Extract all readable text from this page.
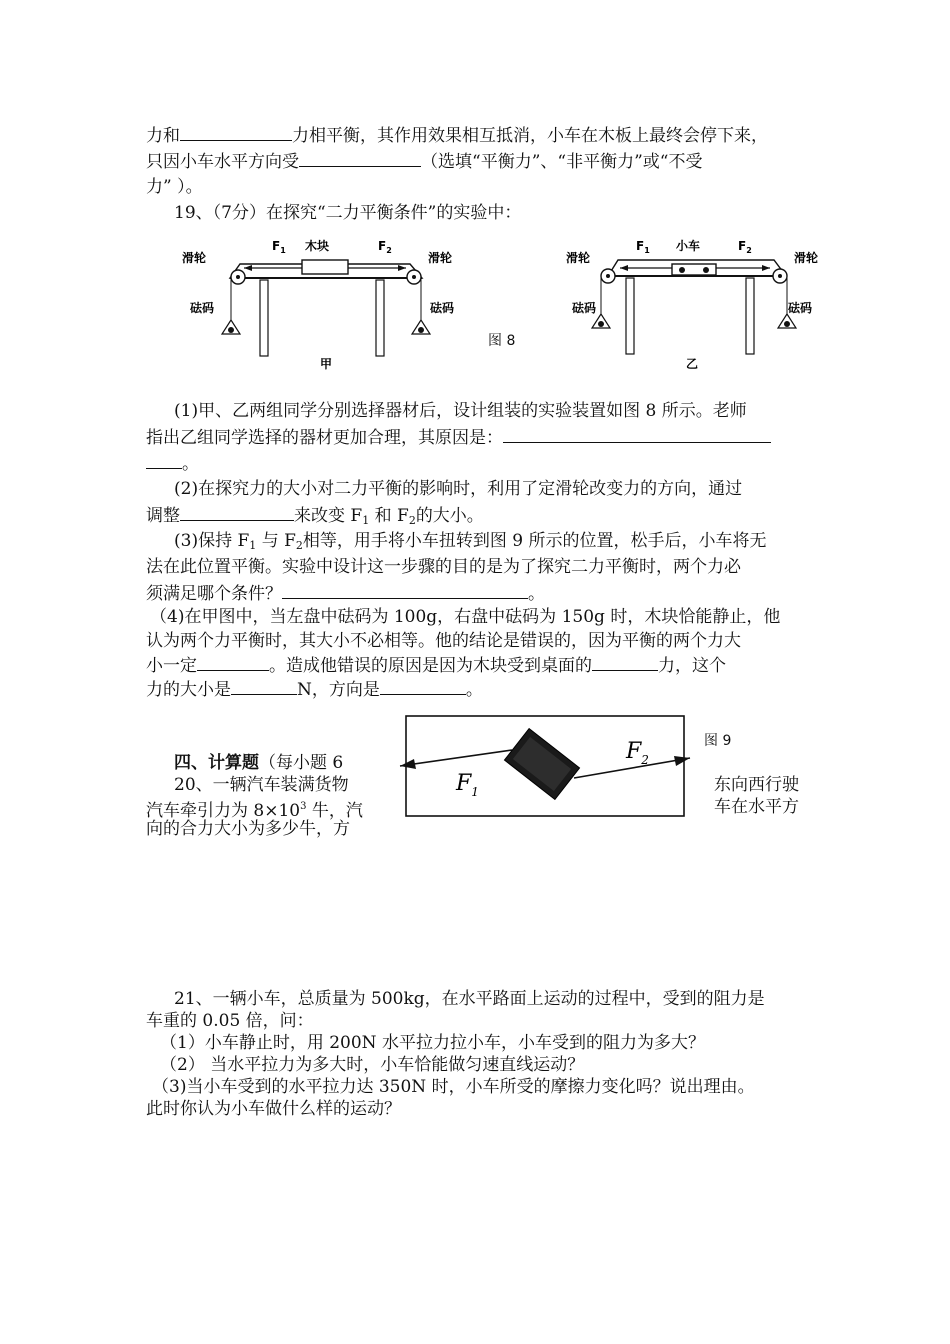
力和	力相平衡，其作用效果相互抵消，小车在木板上最终会停下来，
只因小车水平方向受	（选填“平衡力”、“非平衡力”或“不受
力” ）。
19、（7分）在探究“二力平衡条件”的实验中：
滑轮	滑轮
砝码	砝码
$F_1$ 木块	$F_2$
甲
图 8
滑轮	滑轮
砝码	砝码
$F_1$ 小车	$F_2$
乙
(1)甲、乙两组同学分别选择器材后，设计组装的实验装置如图 8 所示。老师
指出乙组同学选择的器材更加合理，其原因是：
。
(2)在探究力的大小对二力平衡的影响时，利用了定滑轮改变力的方向，通过
调整	来改变 $F_1$ 和 $F_2$的大小。
(3)保持 $F_1$ 与 $F_2$相等，用手将小车扭转到图 9 所示的位置，松手后，小车将无
法在此位置平衡。实验中设计这一步骤的目的是为了探究二力平衡时，两个力必
须满足哪个条件？	。
（4)在甲图中，当左盘中砝码为 100g，右盘中砝码为 150g 时，木块恰能静止，他
认为两个力平衡时，其大小不必相等。他的结论是错误的，因为平衡的两个力大
小一定	。造成他错误的原因是因为木块受到桌面的	力，这个
力的大小是	N，方向是	。
四、计算题（每小题 6
20、一辆汽车装满货物
汽车牵引力为 $8\times 10^3$ 牛，汽
向的合力大小为多少牛，方
东向西行驶
车在水平方
$F_1$
$F_2$
图 9
21、一辆小车，总质量为 500kg，在水平路面上运动的过程中，受到的阻力是
车重的 0.05 倍，问：
（1）小车静止时，用 200N 水平拉力拉小车，小车受到的阻力为多大？
（2） 当水平拉力为多大时，小车恰能做匀速直线运动？
（3)当小车受到的水平拉力达 350N 时，小车所受的摩擦力变化吗？说出理由。
此时你认为小车做什么样的运动？
